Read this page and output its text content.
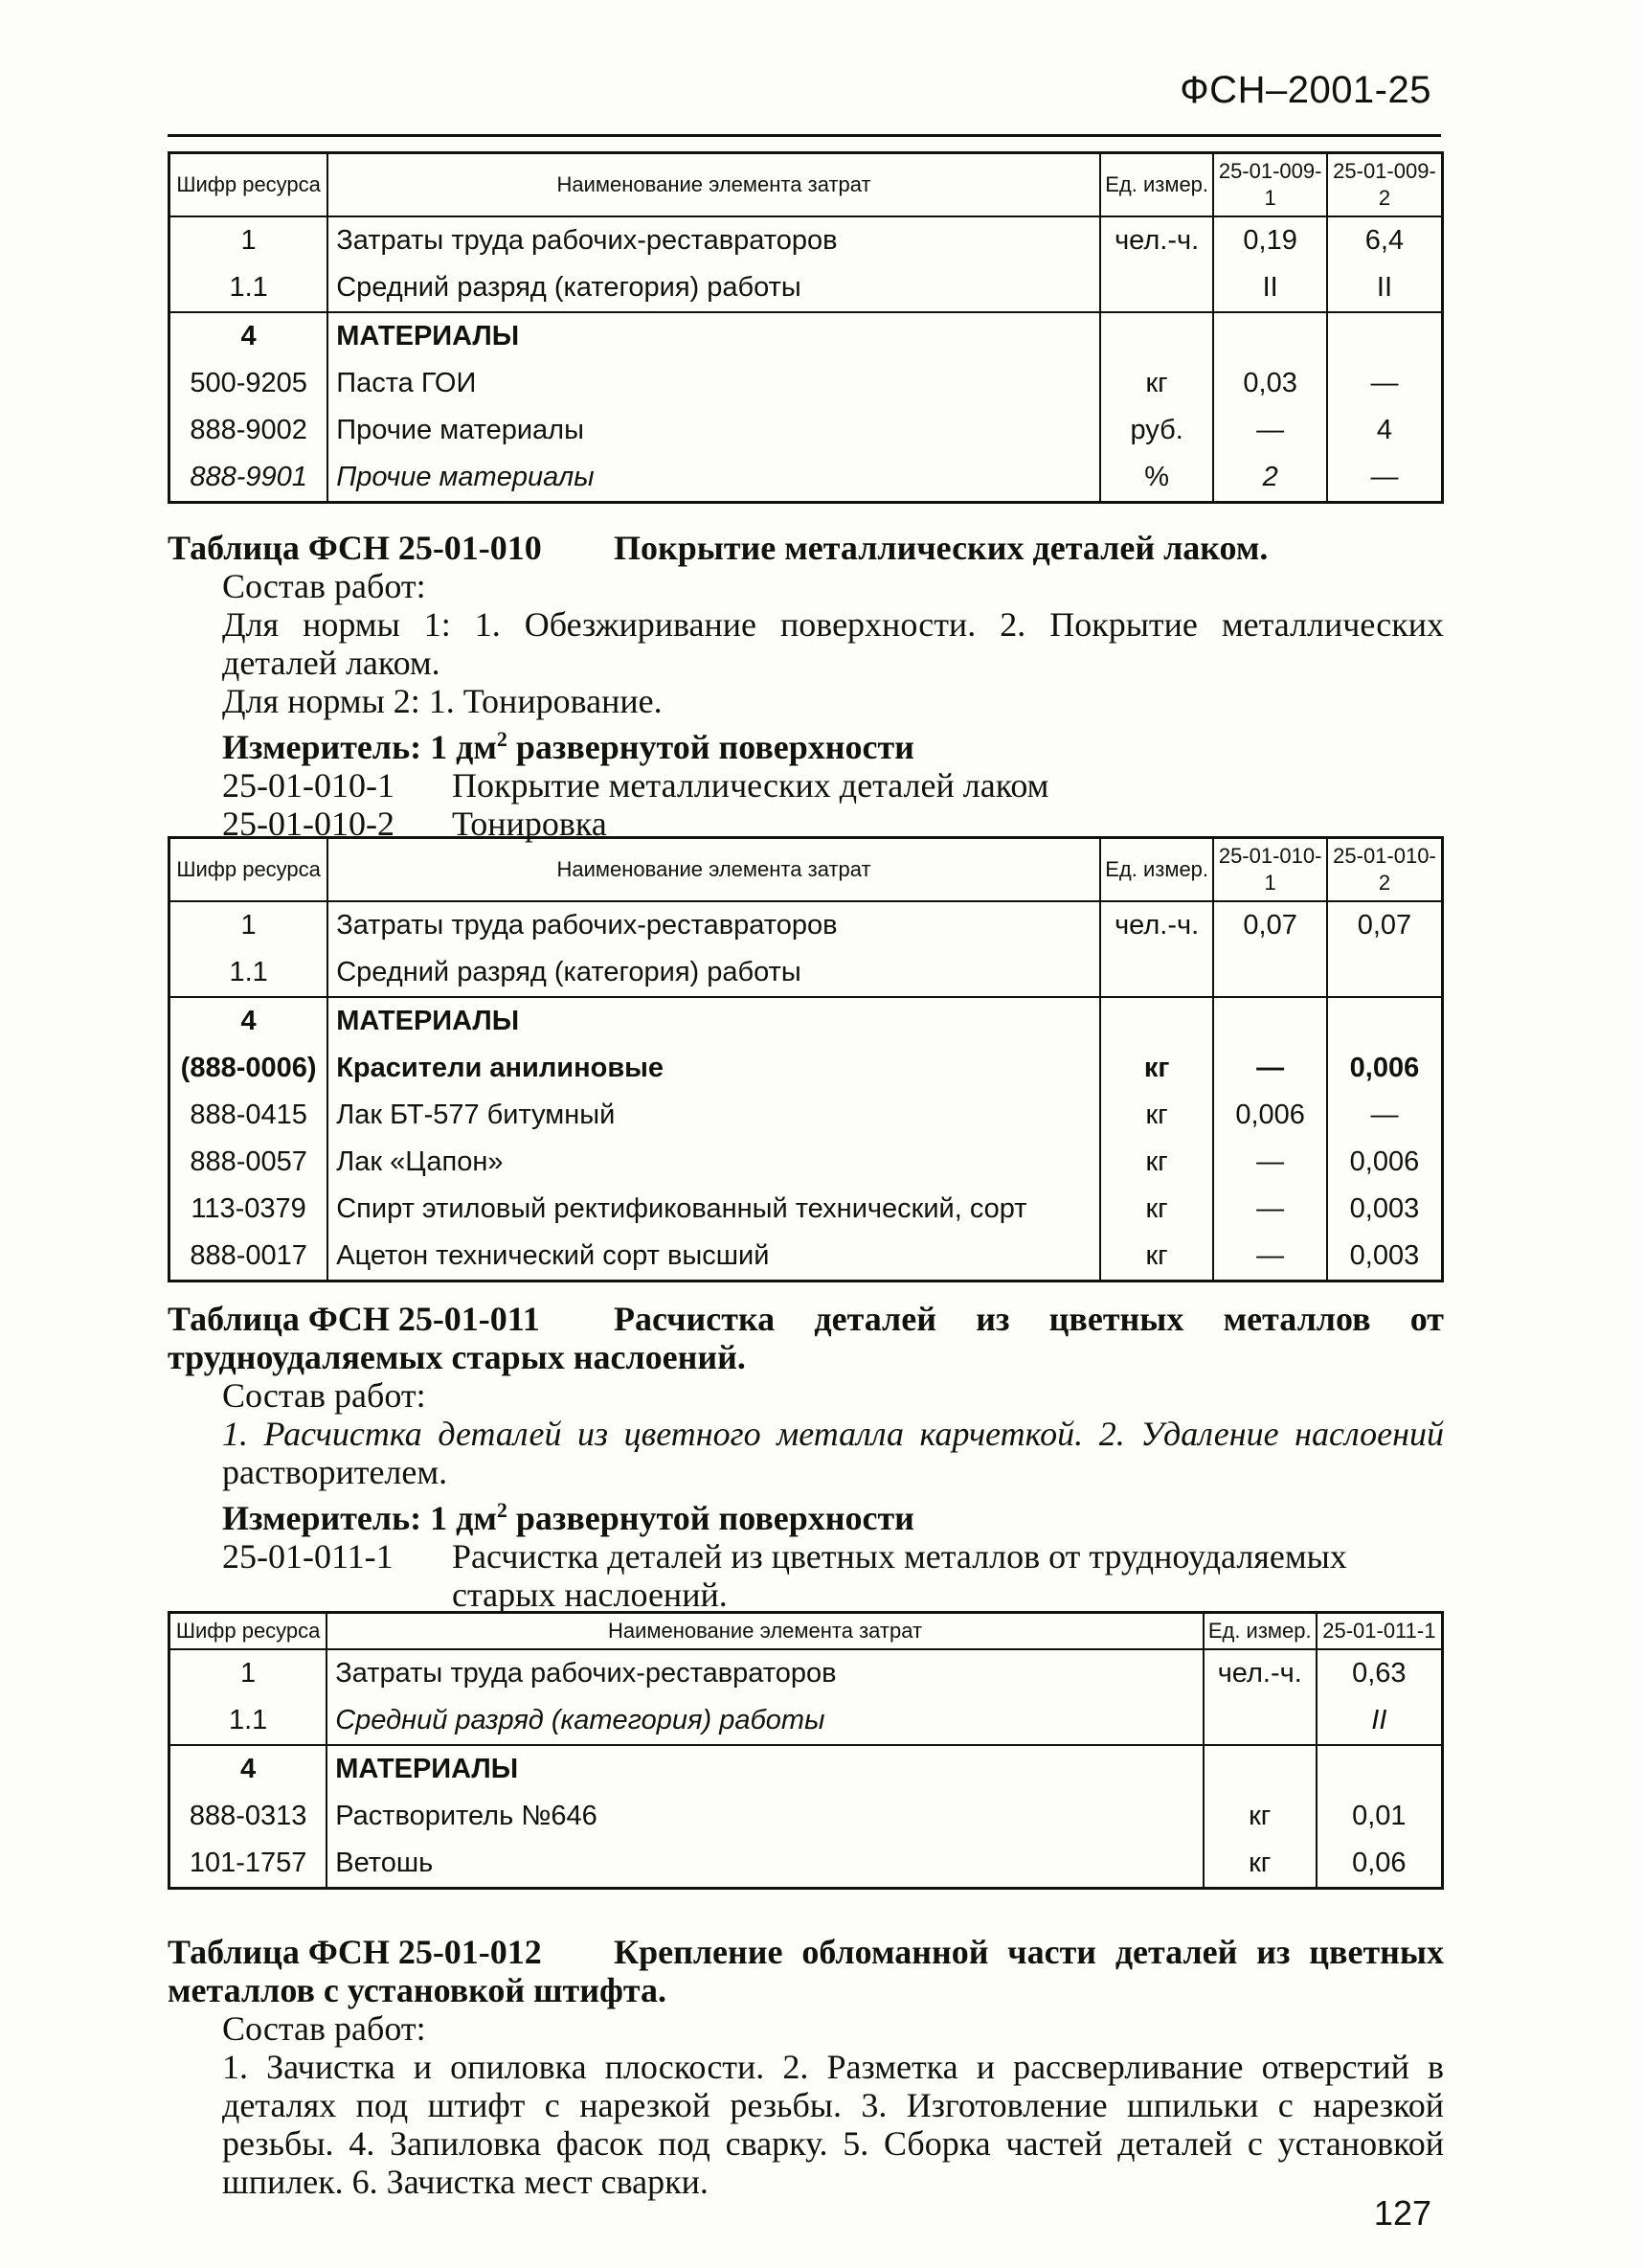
ФСН–2001-25
Шифр ресурса	Наименование элемента затрат	Ед. измер.	25-01-009-1	25-01-009-2
1	Затраты труда рабочих-реставраторов	чел.-ч.	0,19	6,4
1.1	Средний разряд (категория) работы		II	II
4	МАТЕРИАЛЫ			
500-9205	Паста ГОИ	кг	0,03	—
888-9002	Прочие материалы	руб.	—	4
888-9901	Прочие материалы	%	2	—

Таблица ФСН 25-01-010 Покрытие металлических деталей лаком.

Состав работ:

Для нормы 1: 1. Обезжиривание поверхности. 2. Покрытие металлических деталей лаком.

Для нормы 2: 1. Тонирование.

Измеритель: 1 $дм^2$ развернутой поверхности

25-01-010-1	Покрытие металлических деталей лаком
25-01-010-2	Тонировка
Шифр ресурса	Наименование элемента затрат	Ед. измер.	25-01-010-1	25-01-010-2
1	Затраты труда рабочих-реставраторов	чел.-ч.	0,07	0,07
1.1	Средний разряд (категория) работы			
4	МАТЕРИАЛЫ			
(888-0006)	Красители анилиновые	кг	—	0,006
888-0415	Лак БТ-577 битумный	кг	0,006	—
888-0057	Лак «Цапон»	кг	—	0,006
113-0379	Спирт этиловый ректификованный технический, сорт	кг	—	0,003
888-0017	Ацетон технический сорт высший	кг	—	0,003

Таблица ФСН 25-01-011 Расчистка деталей из цветных металлов от трудноудаляемых старых наслоений.

Состав работ:

1. Расчистка деталей из цветного металла карчеткой. 2. Удаление наслоений растворителем.

Измеритель: 1 $дм^2$ развернутой поверхности

25-01-011-1	Расчистка деталей из цветных металлов от трудноудаляемых старых наслоений.
Шифр ресурса	Наименование элемента затрат	Ед. измер.	25-01-011-1
1	Затраты труда рабочих-реставраторов	чел.-ч.	0,63
1.1	Средний разряд (категория) работы		II
4	МАТЕРИАЛЫ		
888-0313	Растворитель №646	кг	0,01
101-1757	Ветошь	кг	0,06

Таблица ФСН 25-01-012 Крепление обломанной части деталей из цветных металлов с установкой штифта.

Состав работ:

1. Зачистка и опиловка плоскости. 2. Разметка и рассверливание отверстий в деталях под штифт с нарезкой резьбы. 3. Изготовление шпильки с нарезкой резьбы. 4. Запиловка фасок под сварку. 5. Сборка частей деталей с установкой шпилек. 6. Зачистка мест сварки.

127
